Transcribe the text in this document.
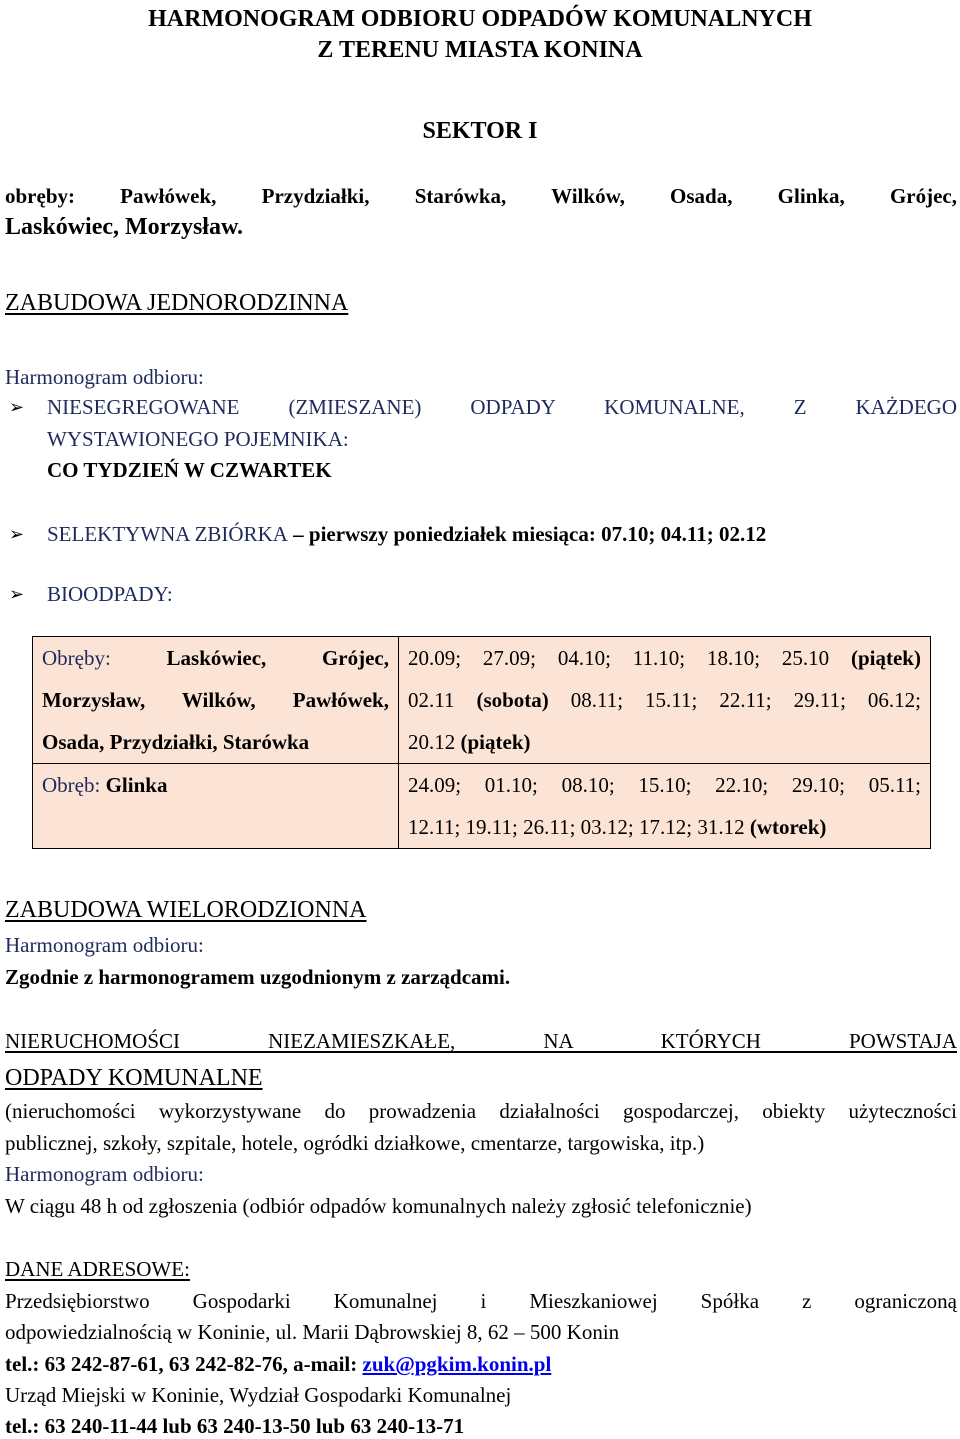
HARMONOGRAM ODBIORU ODPADÓW KOMUNALNYCH
Z TERENU MIASTA KONINA
SEKTOR I
obręby: Pawłówek, Przydziałki, Starówka, Wilków, Osada, Glinka, Grójec,
Laskówiec, Morzysław.
ZABUDOWA JEDNORODZINNA
Harmonogram odbioru:
➢ NIESEGREGOWANE (ZMIESZANE) ODPADY KOMUNALNE, Z KAŻDEGO
WYSTAWIONEGO POJEMNIKA:
CO TYDZIEŃ W CZWARTEK
➢ SELEKTYWNA ZBIÓRKA – pierwszy poniedziałek miesiąca: 07.10; 04.11; 02.12
➢ BIOODPADY:
Obręby: Laskówiec, Grójec,
Morzysław, Wilków, Pawłówek,
Osada, Przydziałki, Starówka	20.09; 27.09; 04.10; 11.10; 18.10; 25.10 (piątek)
02.11 (sobota) 08.11; 15.11; 22.11; 29.11; 06.12;
20.12 (piątek)

Obręb: Glinka	24.09; 01.10; 08.10; 15.10; 22.10; 29.10; 05.11;
12.11; 19.11; 26.11; 03.12; 17.12; 31.12 (wtorek)
ZABUDOWA WIELORODZIONNA
Harmonogram odbioru:
Zgodnie z harmonogramem uzgodnionym z zarządcami.
NIERUCHOMOŚCI NIEZAMIESZKAŁE, NA KTÓRYCH POWSTAJA
ODPADY KOMUNALNE
(nieruchomości wykorzystywane do prowadzenia działalności gospodarczej, obiekty użyteczności
publicznej, szkoły, szpitale, hotele, ogródki działkowe, cmentarze, targowiska, itp.)
Harmonogram odbioru:
W ciągu 48 h od zgłoszenia (odbiór odpadów komunalnych należy zgłosić telefonicznie)
DANE ADRESOWE:
Przedsiębiorstwo Gospodarki Komunalnej i Mieszkaniowej Spółka z ograniczoną
odpowiedzialnością w Koninie, ul. Marii Dąbrowskiej 8, 62 – 500 Konin
tel.: 63 242-87-61, 63 242-82-76, a-mail: zuk@pgkim.konin.pl
Urząd Miejski w Koninie, Wydział Gospodarki Komunalnej
tel.: 63 240-11-44 lub 63 240-13-50 lub 63 240-13-71
